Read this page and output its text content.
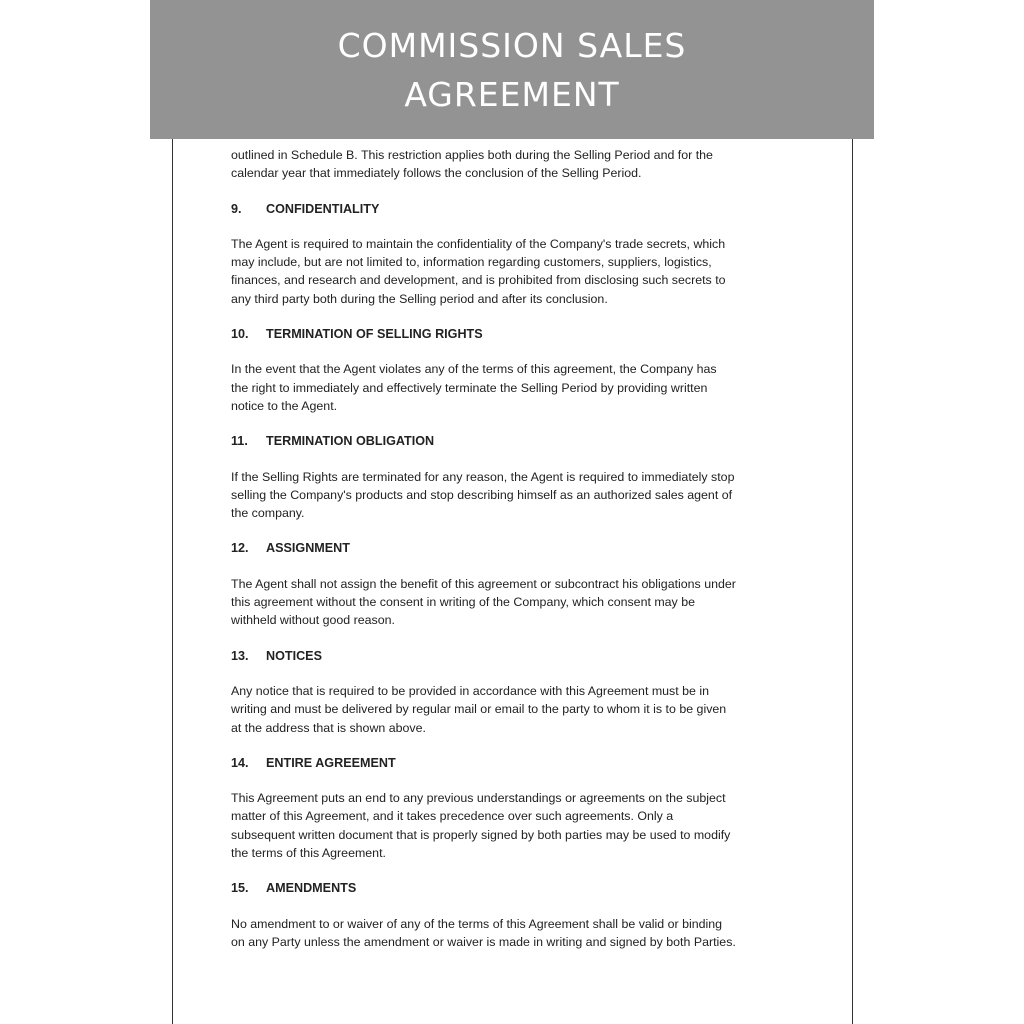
COMMISSION SALES
AGREEMENT

outlined in Schedule B. This restriction applies both during the Selling Period and for the
calendar year that immediately follows the conclusion of the Selling Period.

9.	CONFIDENTIALITY

The Agent is required to maintain the confidentiality of the Company's trade secrets, which
may include, but are not limited to, information regarding customers, suppliers, logistics,
finances, and research and development, and is prohibited from disclosing such secrets to
any third party both during the Selling period and after its conclusion.

10.	TERMINATION OF SELLING RIGHTS

In the event that the Agent violates any of the terms of this agreement, the Company has
the right to immediately and effectively terminate the Selling Period by providing written
notice to the Agent.

11.	TERMINATION OBLIGATION

If the Selling Rights are terminated for any reason, the Agent is required to immediately stop
selling the Company's products and stop describing himself as an authorized sales agent of
the company.

12.	ASSIGNMENT

The Agent shall not assign the benefit of this agreement or subcontract his obligations under
this agreement without the consent in writing of the Company, which consent may be
withheld without good reason.

13.	NOTICES

Any notice that is required to be provided in accordance with this Agreement must be in
writing and must be delivered by regular mail or email to the party to whom it is to be given
at the address that is shown above.

14.	ENTIRE AGREEMENT

This Agreement puts an end to any previous understandings or agreements on the subject
matter of this Agreement, and it takes precedence over such agreements. Only a
subsequent written document that is properly signed by both parties may be used to modify
the terms of this Agreement.

15.	AMENDMENTS

No amendment to or waiver of any of the terms of this Agreement shall be valid or binding
on any Party unless the amendment or waiver is made in writing and signed by both Parties.
